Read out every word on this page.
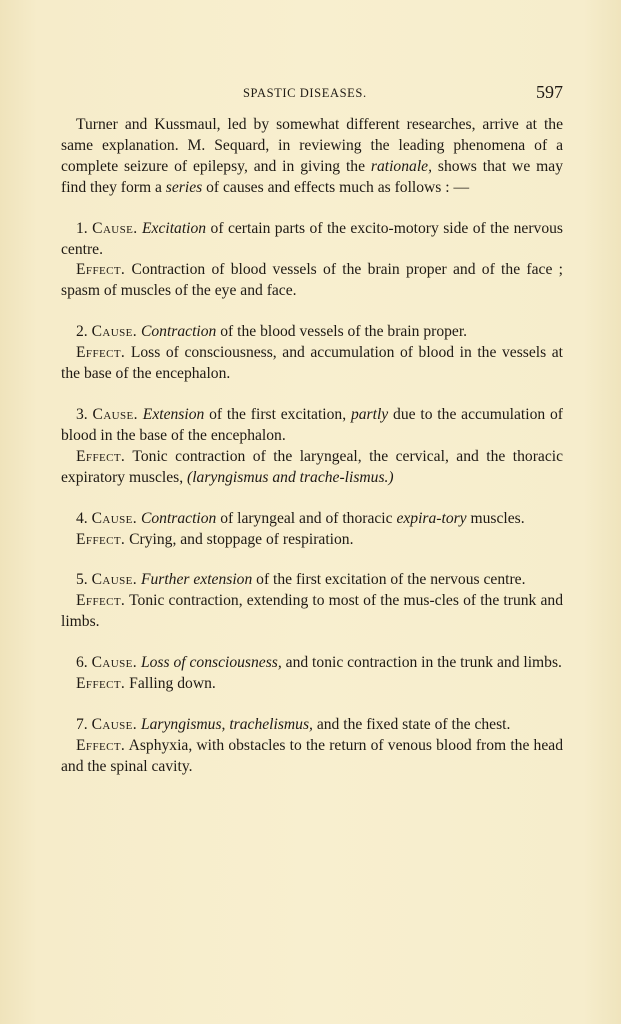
SPASTIC DISEASES.	597

Turner and Kussmaul, led by somewhat different researches, arrive at the same explanation. M. Sequard, in reviewing the leading phenomena of a complete seizure of epilepsy, and in giving the rationale, shows that we may find they form a series of causes and effects much as follows : —

1. Cause. Excitation of certain parts of the excito-motory side of the nervous centre.

Effect. Contraction of blood vessels of the brain proper and of the face ; spasm of muscles of the eye and face.

2. Cause. Contraction of the blood vessels of the brain proper.

Effect. Loss of consciousness, and accumulation of blood in the vessels at the base of the encephalon.

3. Cause. Extension of the first excitation, partly due to the accumulation of blood in the base of the encephalon.

Effect. Tonic contraction of the laryngeal, the cervical, and the thoracic expiratory muscles, (laryngismus and trache-lismus.)

4. Cause. Contraction of laryngeal and of thoracic expira-tory muscles.

Effect. Crying, and stoppage of respiration.

5. Cause. Further extension of the first excitation of the nervous centre.

Effect. Tonic contraction, extending to most of the mus-cles of the trunk and limbs.

6. Cause. Loss of consciousness, and tonic contraction in the trunk and limbs.

Effect. Falling down.

7. Cause. Laryngismus, trachelismus, and the fixed state of the chest.

Effect. Asphyxia, with obstacles to the return of venous blood from the head and the spinal cavity.
